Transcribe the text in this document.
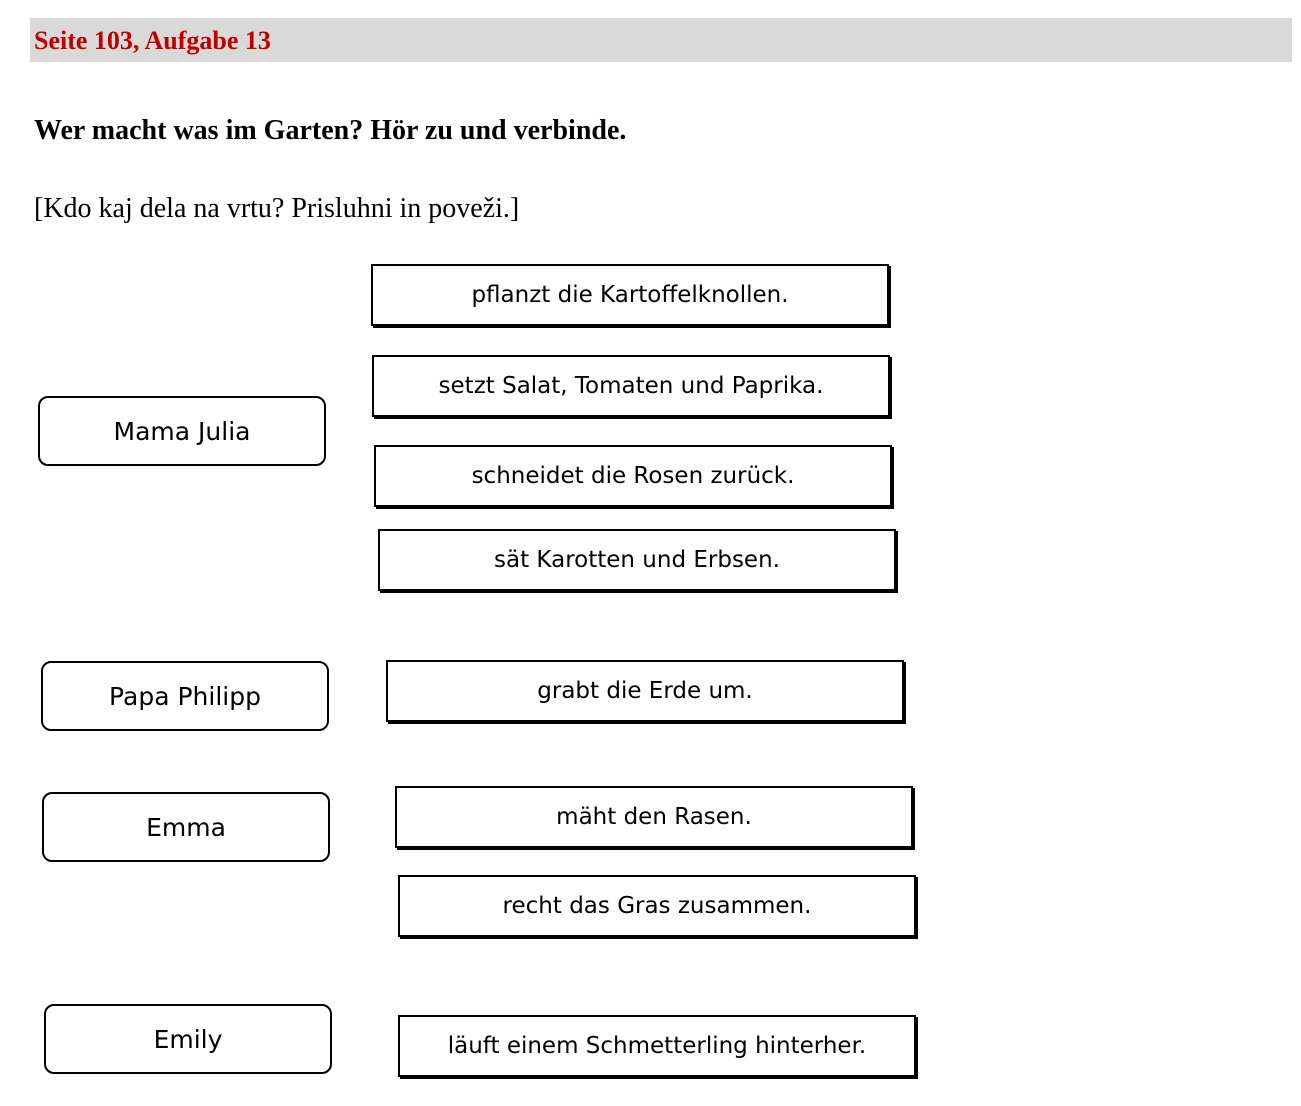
Seite 103, Aufgabe 13
Wer macht was im Garten? Hör zu und verbinde.
[Kdo kaj dela na vrtu? Prisluhni in poveži.]
Mama Julia
Papa Philipp
Emma
Emily
pflanzt die Kartoffelknollen.
setzt Salat, Tomaten und Paprika.
schneidet die Rosen zurück.
sät Karotten und Erbsen.
grabt die Erde um.
mäht den Rasen.
recht das Gras zusammen.
läuft einem Schmetterling hinterher.
